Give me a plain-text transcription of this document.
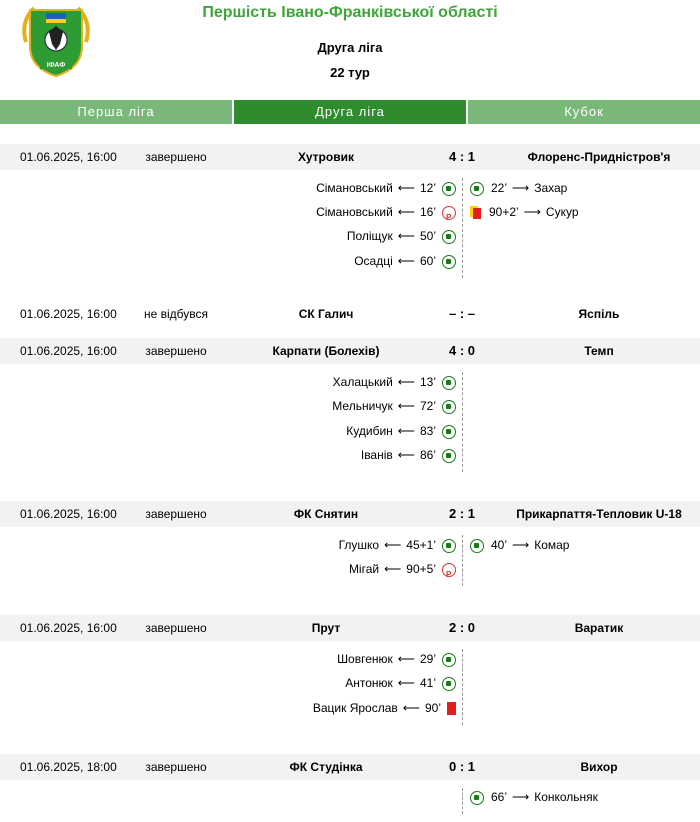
ІФАФ
Першість Івано-Франківської області
Друга ліга
22 тур
Перша ліга	Друга ліга	Кубок
01.06.2025, 16:00 завершено	Хутровик	4 : 1	Флоренс-Придністров'я
Сімановський ⟵ 12’
Сімановський ⟵ 16’P
Поліщук ⟵ 50’
Осадці ⟵ 60’
22’ ⟶ Захар
90+2’ ⟶ Сукур
01.06.2025, 16:00 не відбувся	СК Галич	– : –	Яспіль
01.06.2025, 16:00 завершено	Карпати (Болехів)	4 : 0	Темп
Халацький ⟵ 13’
Мельничук ⟵ 72’
Кудибин ⟵ 83’
Іванів ⟵ 86’
01.06.2025, 16:00 завершено	ФК Снятин	2 : 1	Прикарпаття-Тепловик U-18
Глушко ⟵ 45+1’
Мігай ⟵ 90+5’P
40’ ⟶ Комар
01.06.2025, 16:00 завершено	Прут	2 : 0	Варатик
Шовгенюк ⟵ 29’
Антонюк ⟵ 41’
Вацик Ярослав ⟵ 90’
01.06.2025, 18:00 завершено	ФК Студінка	0 : 1	Вихор
66’ ⟶ Конкольняк
